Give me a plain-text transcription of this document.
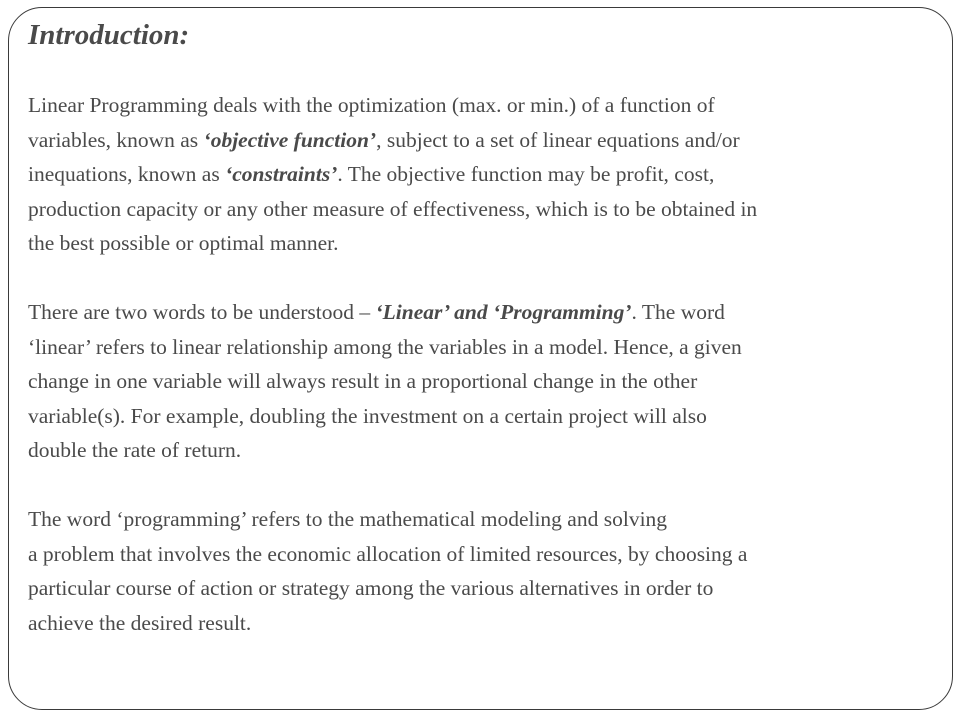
Introduction:

Linear Programming deals with the optimization (max. or min.) of a function of
variables, known as ‘objective function’, subject to a set of linear equations and/or
inequations, known as ‘constraints’. The objective function may be profit, cost,
production capacity or any other measure of effectiveness, which is to be obtained in
the best possible or optimal manner.

There are two words to be understood – ‘Linear’ and ‘Programming’. The word
‘linear’ refers to linear relationship among the variables in a model. Hence, a given
change in one variable will always result in a proportional change in the other
variable(s). For example, doubling the investment on a certain project will also
double the rate of return.

The word ‘programming’ refers to the mathematical modeling and solving
a problem that involves the economic allocation of limited resources, by choosing a
particular course of action or strategy among the various alternatives in order to
achieve the desired result.
